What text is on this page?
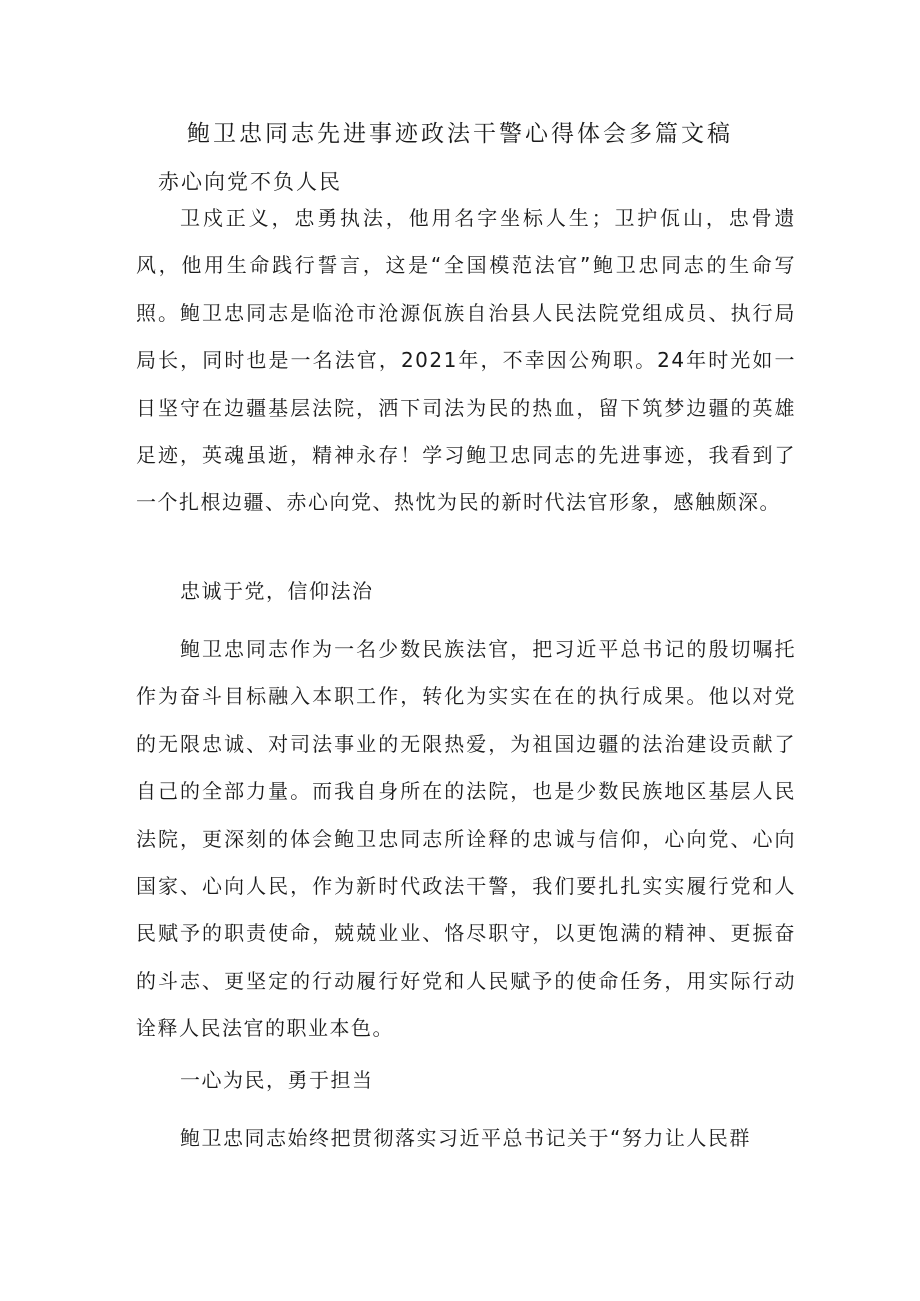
鲍卫忠同志先进事迹政法干警心得体会多篇文稿
赤心向党不负人民

卫戍正义，忠勇执法，他用名字坐标人生；卫护佤山，忠骨遗风，他用生命践行誓言，这是“全国模范法官”鲍卫忠同志的生命写照。鲍卫忠同志是临沧市沧源佤族自治县人民法院党组成员、执行局局长，同时也是一名法官，2021年，不幸因公殉职。24年时光如一日坚守在边疆基层法院，洒下司法为民的热血，留下筑梦边疆的英雄足迹，英魂虽逝，精神永存！学习鲍卫忠同志的先进事迹，我看到了一个扎根边疆、赤心向党、热忱为民的新时代法官形象，感触颇深。

忠诚于党，信仰法治

鲍卫忠同志作为一名少数民族法官，把习近平总书记的殷切嘱托作为奋斗目标融入本职工作，转化为实实在在的执行成果。他以对党的无限忠诚、对司法事业的无限热爱，为祖国边疆的法治建设贡献了自己的全部力量。而我自身所在的法院，也是少数民族地区基层人民法院，更深刻的体会鲍卫忠同志所诠释的忠诚与信仰，心向党、心向国家、心向人民，作为新时代政法干警，我们要扎扎实实履行党和人民赋予的职责使命，兢兢业业、恪尽职守，以更饱满的精神、更振奋的斗志、更坚定的行动履行好党和人民赋予的使命任务，用实际行动诠释人民法官的职业本色。

一心为民，勇于担当

鲍卫忠同志始终把贯彻落实习近平总书记关于“努力让人民群
